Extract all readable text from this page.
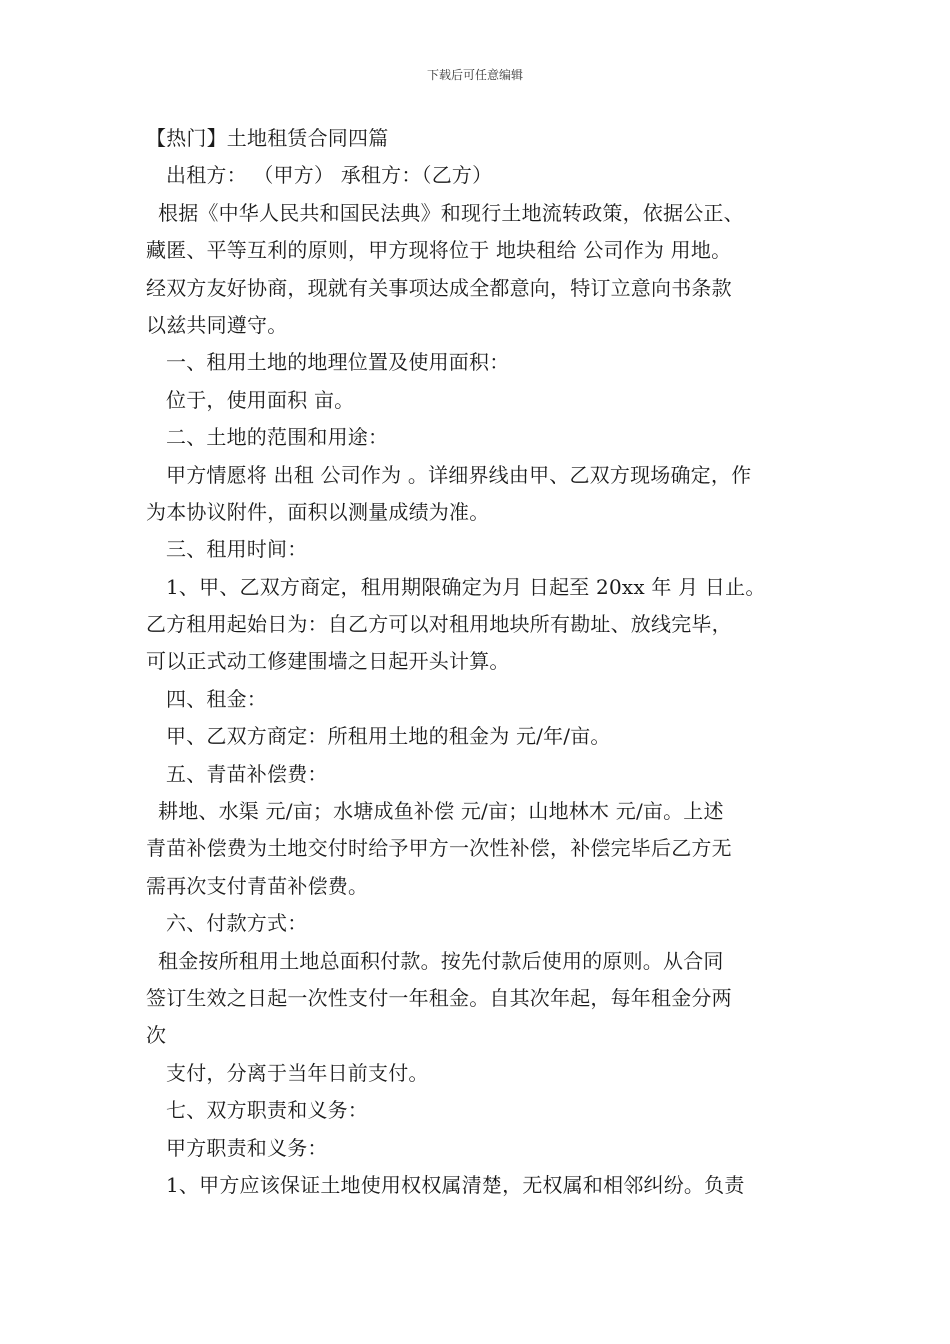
下载后可任意编辑
【热门】土地租赁合同四篇
出租方： （甲方） 承租方：（乙方）
根据《中华人民共和国民法典》和现行土地流转政策，依据公正、
藏匿、平等互利的原则，甲方现将位于 地块租给 公司作为 用地。
经双方友好协商，现就有关事项达成全都意向，特订立意向书条款
以兹共同遵守。
一、租用土地的地理位置及使用面积：
位于，使用面积 亩。
二、土地的范围和用途：
甲方情愿将 出租 公司作为 。详细界线由甲、乙双方现场确定，作
为本协议附件，面积以测量成绩为准。
三、租用时间：
1、甲、乙双方商定，租用期限确定为月 日起至 20xx 年 月 日止。
乙方租用起始日为：自乙方可以对租用地块所有勘址、放线完毕，
可以正式动工修建围墙之日起开头计算。
四、租金：
甲、乙双方商定：所租用土地的租金为 元/年/亩。
五、青苗补偿费：
耕地、水渠 元/亩；水塘成鱼补偿 元/亩；山地林木 元/亩。上述
青苗补偿费为土地交付时给予甲方一次性补偿，补偿完毕后乙方无
需再次支付青苗补偿费。
六、付款方式：
租金按所租用土地总面积付款。按先付款后使用的原则。从合同
签订生效之日起一次性支付一年租金。自其次年起，每年租金分两
次
支付，分离于当年日前支付。
七、双方职责和义务：
甲方职责和义务：
1、甲方应该保证土地使用权权属清楚，无权属和相邻纠纷。负责
